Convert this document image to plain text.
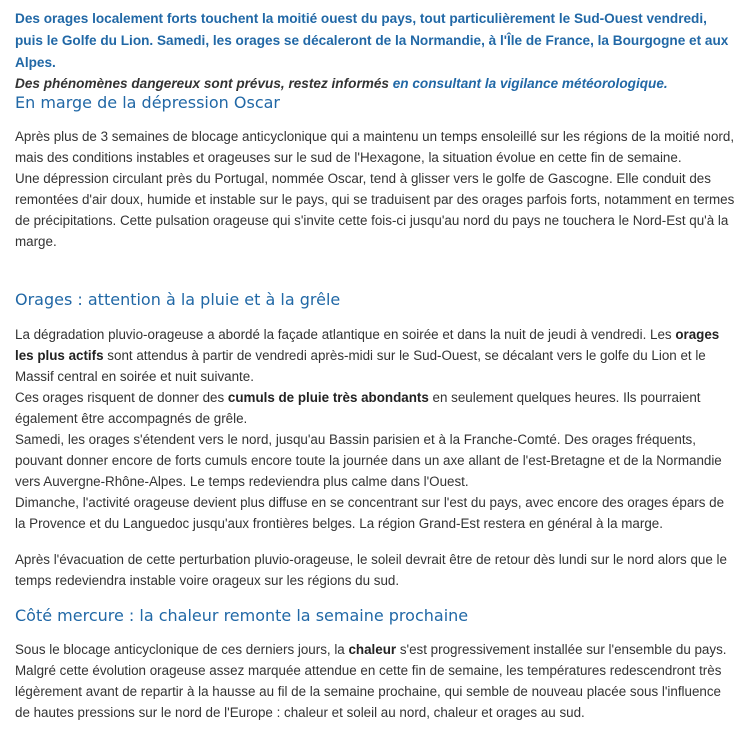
Des orages localement forts touchent la moitié ouest du pays, tout particulièrement le Sud-Ouest vendredi, puis le Golfe du Lion. Samedi, les orages se décaleront de la Normandie, à l'Île de France, la Bourgogne et aux Alpes.
Des phénomènes dangereux sont prévus, restez informés en consultant la vigilance météorologique.
En marge de la dépression Oscar
Après plus de 3 semaines de blocage anticyclonique qui a maintenu un temps ensoleillé sur les régions de la moitié nord, mais des conditions instables et orageuses sur le sud de l'Hexagone, la situation évolue en cette fin de semaine.
Une dépression circulant près du Portugal, nommée Oscar, tend à glisser vers le golfe de Gascogne. Elle conduit des remontées d'air doux, humide et instable sur le pays, qui se traduisent par des orages parfois forts, notamment en termes de précipitations. Cette pulsation orageuse qui s'invite cette fois-ci jusqu'au nord du pays ne touchera le Nord-Est qu'à la marge.
Orages : attention à la pluie et à la grêle
La dégradation pluvio-orageuse a abordé la façade atlantique en soirée et dans la nuit de jeudi à vendredi. Les orages les plus actifs sont attendus à partir de vendredi après-midi sur le Sud-Ouest, se décalant vers le golfe du Lion et le Massif central en soirée et nuit suivante.
Ces orages risquent de donner des cumuls de pluie très abondants en seulement quelques heures. Ils pourraient également être accompagnés de grêle.
Samedi, les orages s'étendent vers le nord, jusqu'au Bassin parisien et à la Franche-Comté. Des orages fréquents, pouvant donner encore de forts cumuls encore toute la journée dans un axe allant de l'est-Bretagne et de la Normandie vers Auvergne-Rhône-Alpes. Le temps redeviendra plus calme dans l'Ouest.
Dimanche, l'activité orageuse devient plus diffuse en se concentrant sur l'est du pays, avec encore des orages épars de la Provence et du Languedoc jusqu'aux frontières belges. La région Grand-Est restera en général à la marge.
Après l'évacuation de cette perturbation pluvio-orageuse, le soleil devrait être de retour dès lundi sur le nord alors que le temps redeviendra instable voire orageux sur les régions du sud.
Côté mercure : la chaleur remonte la semaine prochaine
Sous le blocage anticyclonique de ces derniers jours, la chaleur s'est progressivement installée sur l'ensemble du pays. Malgré cette évolution orageuse assez marquée attendue en cette fin de semaine, les températures redescendront très légèrement avant de repartir à la hausse au fil de la semaine prochaine, qui semble de nouveau placée sous l'influence de hautes pressions sur le nord de l'Europe : chaleur et soleil au nord, chaleur et orages au sud.
